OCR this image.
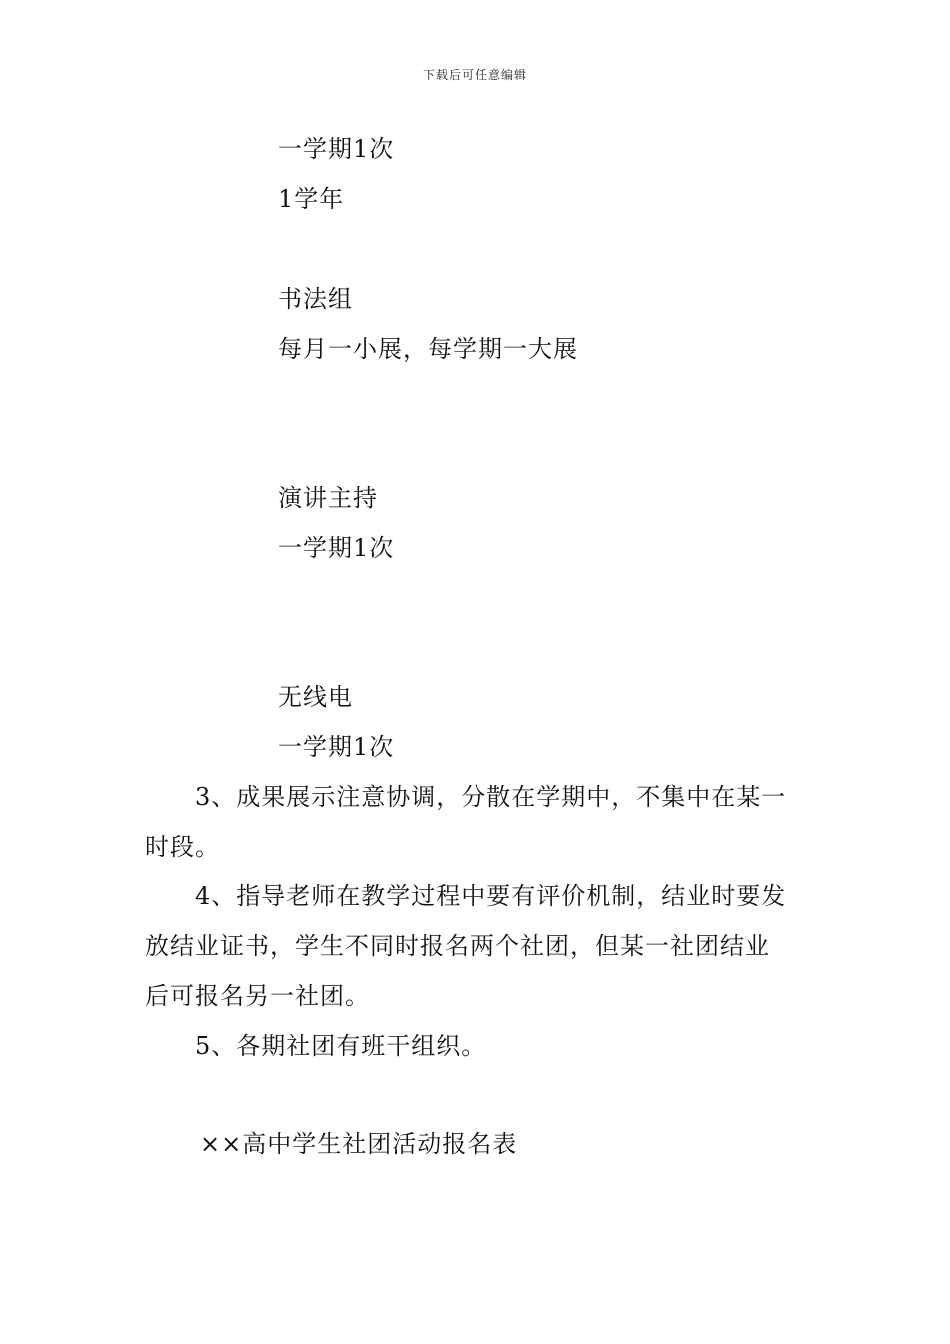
下载后可任意编辑
一学期1次
1学年
书法组
每月一小展，每学期一大展
演讲主持
一学期1次
无线电
一学期1次
3、成果展示注意协调，分散在学期中，不集中在某一
时段。
4、指导老师在教学过程中要有评价机制，结业时要发
放结业证书，学生不同时报名两个社团，但某一社团结业
后可报名另一社团。
5、各期社团有班干组织。
××高中学生社团活动报名表
